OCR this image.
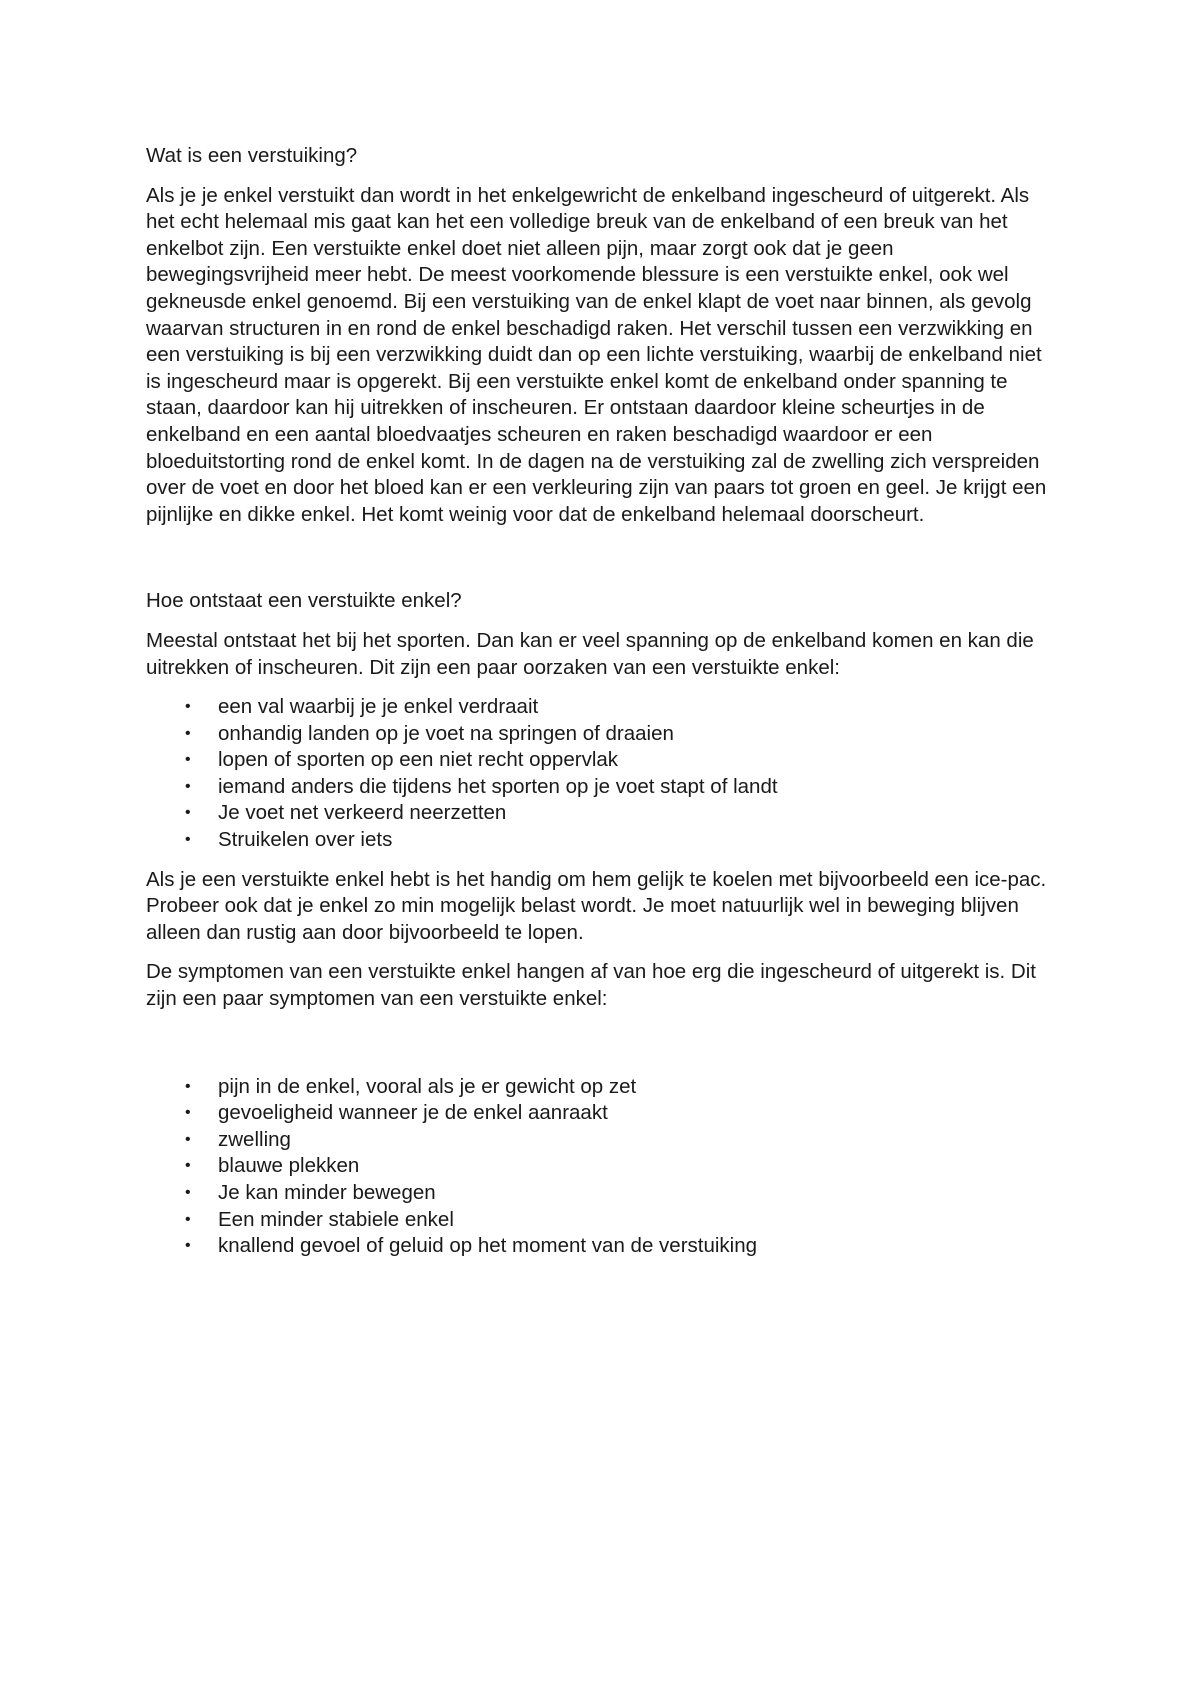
Wat is een verstuiking?

Als je je enkel verstuikt dan wordt in het enkelgewricht de enkelband ingescheurd of uitgerekt. Als het echt helemaal mis gaat kan het een volledige breuk van de enkelband of een breuk van het enkelbot zijn. Een verstuikte enkel doet niet alleen pijn, maar zorgt ook dat je geen bewegingsvrijheid meer hebt. De meest voorkomende blessure is een verstuikte enkel, ook wel gekneusde enkel genoemd. Bij een verstuiking van de enkel klapt de voet naar binnen, als gevolg waarvan structuren in en rond de enkel beschadigd raken. Het verschil tussen een verzwikking en een verstuiking is bij een verzwikking duidt dan op een lichte verstuiking, waarbij de enkelband niet is ingescheurd maar is opgerekt. Bij een verstuikte enkel komt de enkelband onder spanning te staan, daardoor kan hij uitrekken of inscheuren. Er ontstaan daardoor kleine scheurtjes in de enkelband en een aantal bloedvaatjes scheuren en raken beschadigd waardoor er een bloeduitstorting rond de enkel komt. In de dagen na de verstuiking zal de zwelling zich verspreiden over de voet en door het bloed kan er een verkleuring zijn van paars tot groen en geel. Je krijgt een pijnlijke en dikke enkel. Het komt weinig voor dat de enkelband helemaal doorscheurt.

Hoe ontstaat een verstuikte enkel?

Meestal ontstaat het bij het sporten. Dan kan er veel spanning op de enkelband komen en kan die uitrekken of inscheuren. Dit zijn een paar oorzaken van een verstuikte enkel:

• een val waarbij je je enkel verdraait
• onhandig landen op je voet na springen of draaien
• lopen of sporten op een niet recht oppervlak
• iemand anders die tijdens het sporten op je voet stapt of landt
• Je voet net verkeerd neerzetten
• Struikelen over iets

Als je een verstuikte enkel hebt is het handig om hem gelijk te koelen met bijvoorbeeld een ice-pac. Probeer ook dat je enkel zo min mogelijk belast wordt. Je moet natuurlijk wel in beweging blijven alleen dan rustig aan door bijvoorbeeld te lopen.

De symptomen van een verstuikte enkel hangen af van hoe erg die ingescheurd of uitgerekt is. Dit zijn een paar symptomen van een verstuikte enkel:

• pijn in de enkel, vooral als je er gewicht op zet
• gevoeligheid wanneer je de enkel aanraakt
• zwelling
• blauwe plekken
• Je kan minder bewegen
• Een minder stabiele enkel
• knallend gevoel of geluid op het moment van de verstuiking
